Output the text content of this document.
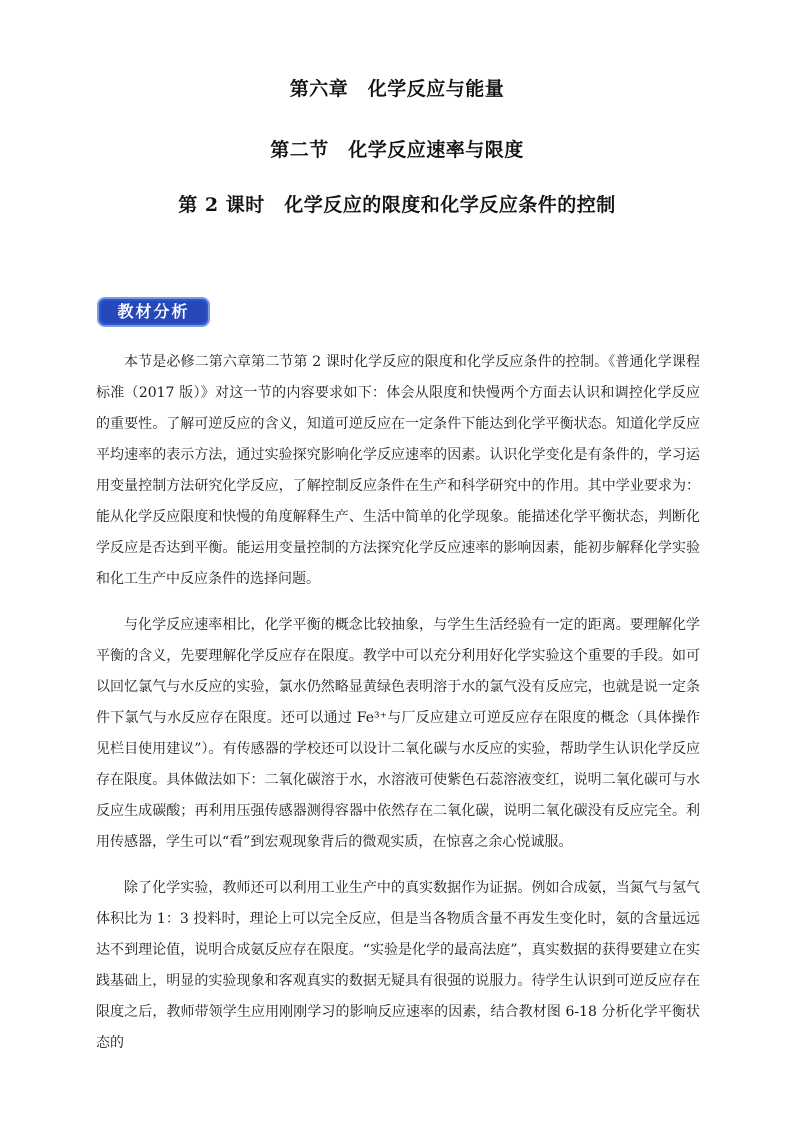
第六章　化学反应与能量
第二节　化学反应速率与限度
第 2 课时　化学反应的限度和化学反应条件的控制
教材分析

本节是必修二第六章第二节第 2 课时化学反应的限度和化学反应条件的控制。《普通化学课程标准（2017 版）》对这一节的内容要求如下：体会从限度和快慢两个方面去认识和调控化学反应的重要性。了解可逆反应的含义，知道可逆反应在一定条件下能达到化学平衡状态。知道化学反应平均速率的表示方法，通过实验探究影响化学反应速率的因素。认识化学变化是有条件的，学习运用变量控制方法研究化学反应，了解控制反应条件在生产和科学研究中的作用。其中学业要求为：能从化学反应限度和快慢的角度解释生产、生活中简单的化学现象。能描述化学平衡状态，判断化学反应是否达到平衡。能运用变量控制的方法探究化学反应速率的影响因素，能初步解释化学实验和化工生产中反应条件的选择问题。

与化学反应速率相比，化学平衡的概念比较抽象，与学生生活经验有一定的距离。要理解化学平衡的含义，先要理解化学反应存在限度。教学中可以充分利用好化学实验这个重要的手段。如可以回忆氯气与水反应的实验，氯水仍然略显黄绿色表明溶于水的氯气没有反应完，也就是说一定条件下氯气与水反应存在限度。还可以通过 Fe³⁺与厂反应建立可逆反应存在限度的概念（具体操作见栏目使用建议”）。有传感器的学校还可以设计二氧化碳与水反应的实验，帮助学生认识化学反应存在限度。具体做法如下：二氧化碳溶于水，水溶液可使紫色石蕊溶液变红，说明二氧化碳可与水反应生成碳酸；再利用压强传感器测得容器中依然存在二氧化碳，说明二氧化碳没有反应完全。利用传感器，学生可以“看”到宏观现象背后的微观实质，在惊喜之余心悦诚服。

除了化学实验，教师还可以利用工业生产中的真实数据作为证据。例如合成氨，当氮气与氢气体积比为 1：3 投料时，理论上可以完全反应，但是当各物质含量不再发生变化时，氨的含量远远达不到理论值，说明合成氨反应存在限度。“实验是化学的最高法庭”，真实数据的获得要建立在实践基础上，明显的实验现象和客观真实的数据无疑具有很强的说服力。待学生认识到可逆反应存在限度之后，教师带领学生应用刚刚学习的影响反应速率的因素，结合教材图 6-18 分析化学平衡状态的
